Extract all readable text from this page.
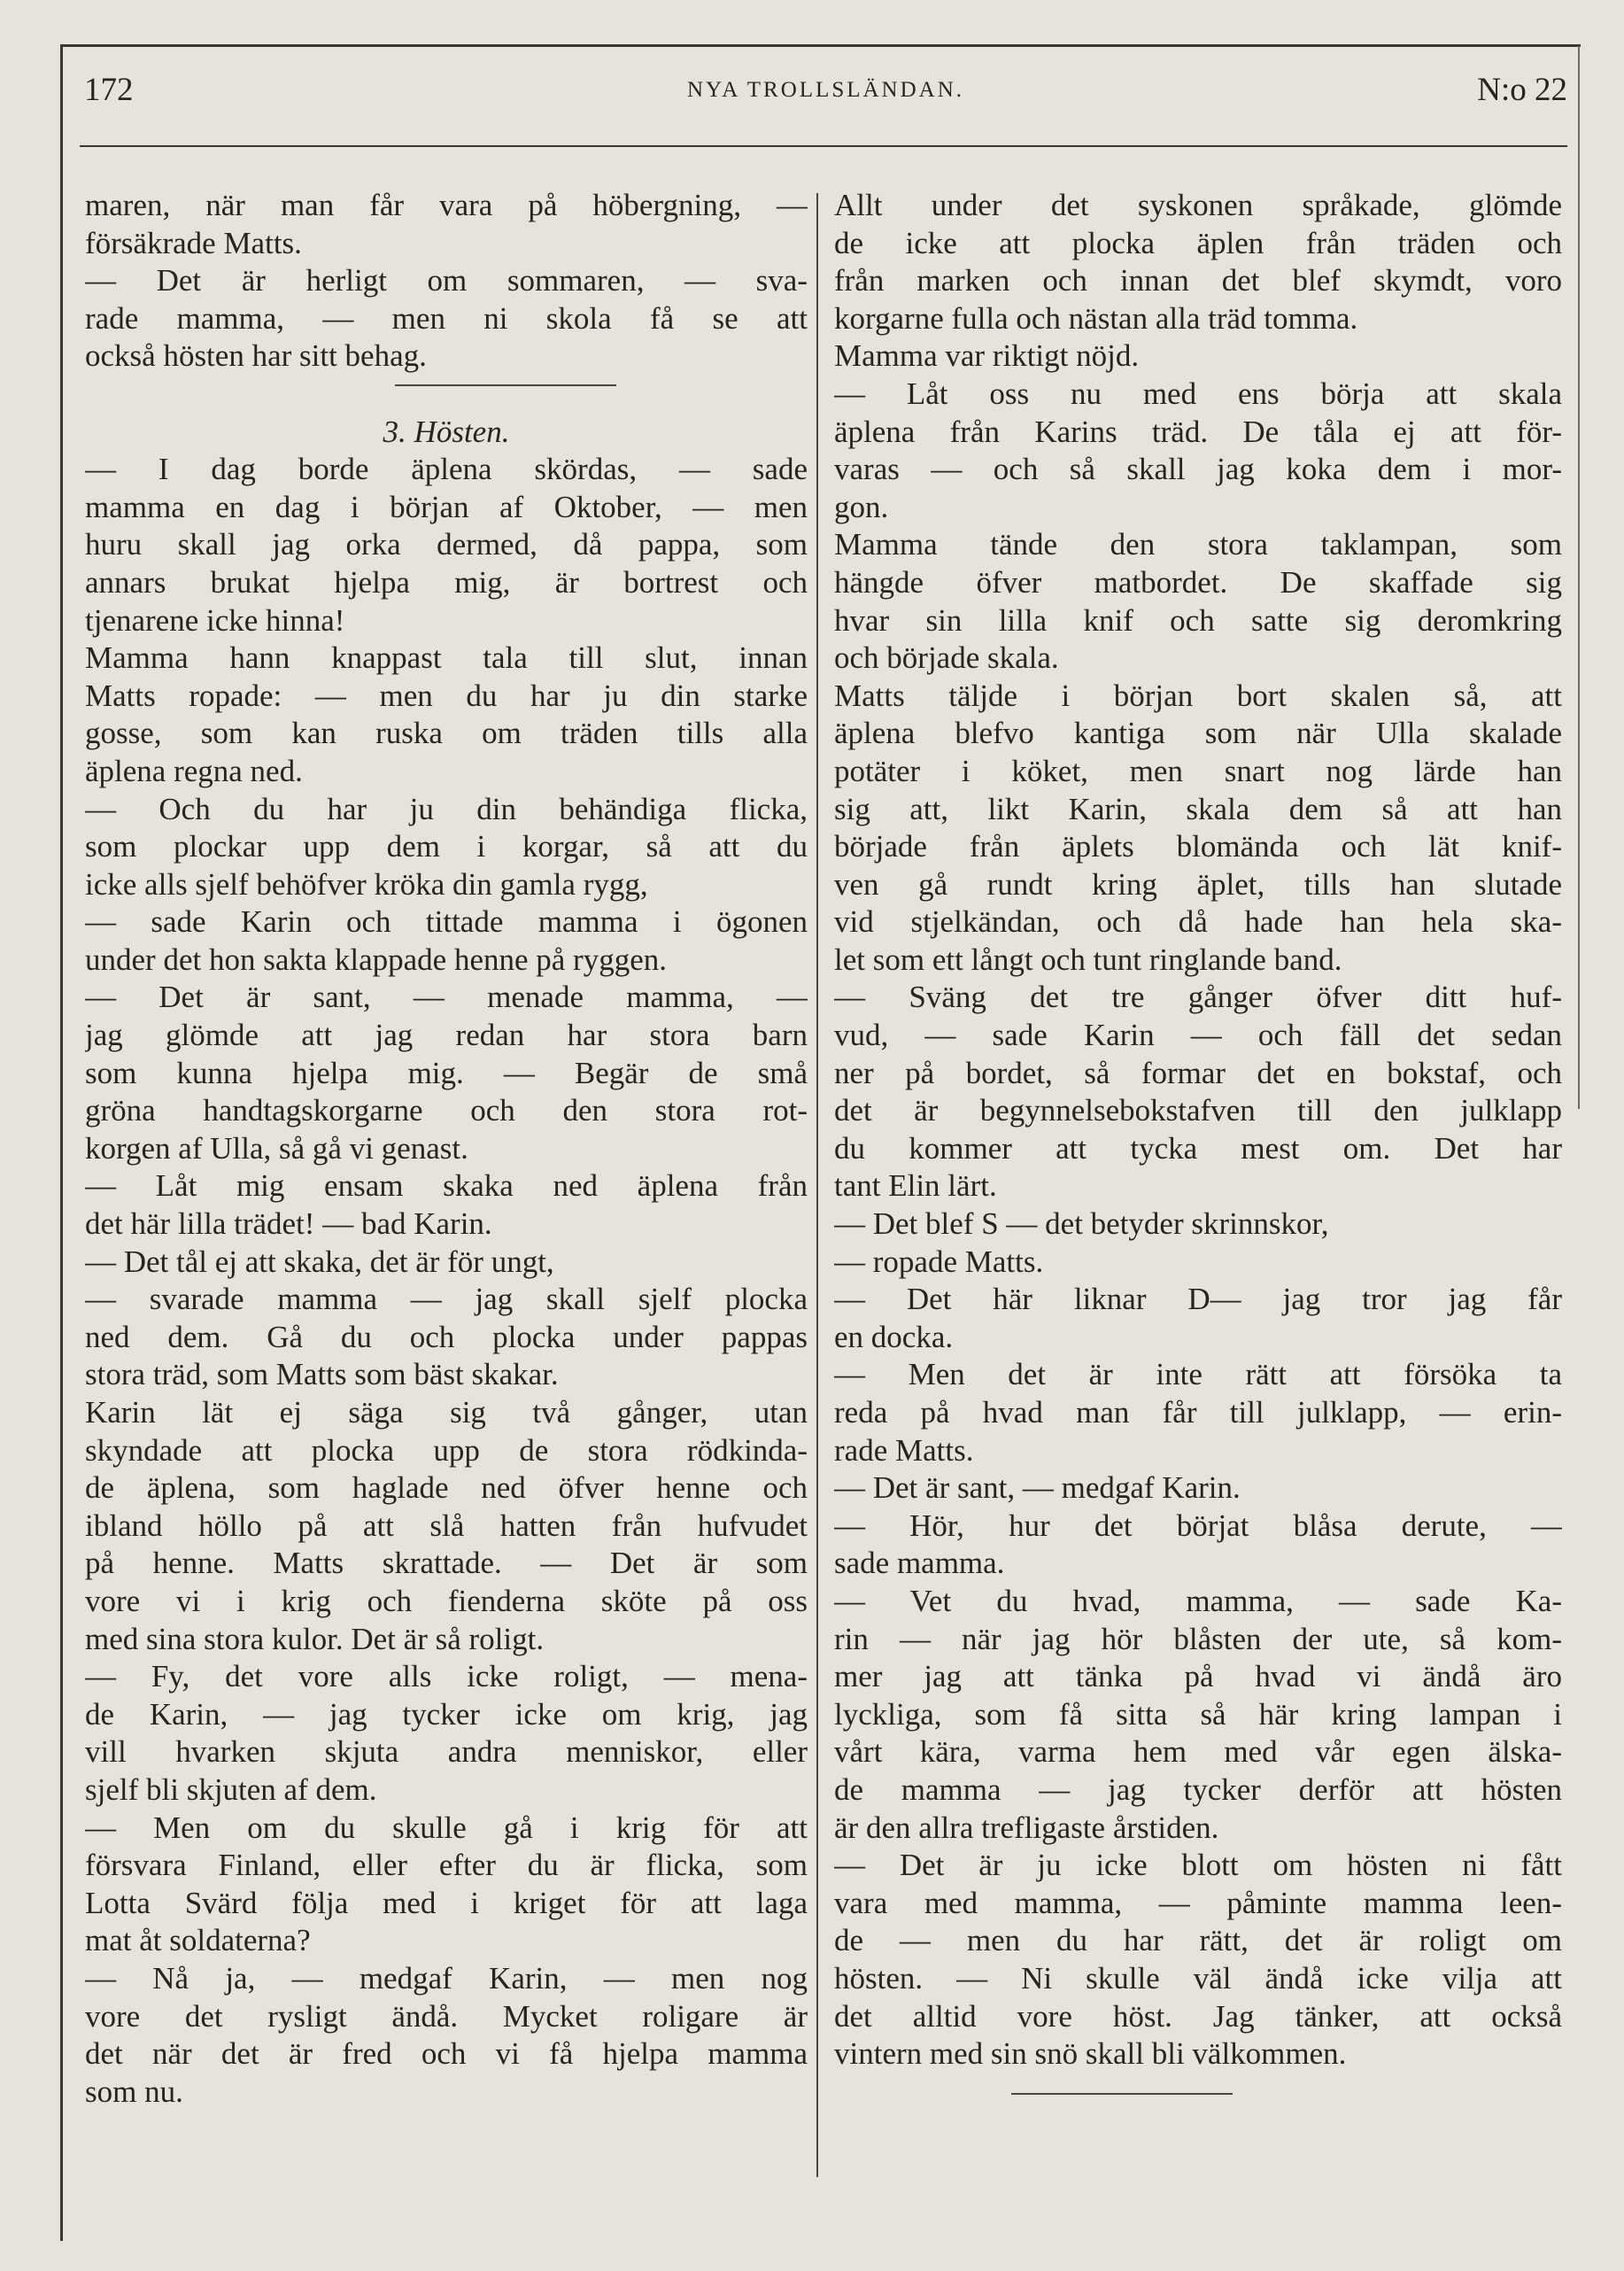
172	NYA TROLLSLÄNDAN.	N:o 22
maren, när man får vara på höbergning, —
försäkrade Matts.
— Det är herligt om sommaren, — sva-
rade mamma, — men ni skola få se att
också hösten har sitt behag.
3. Hösten.
— I dag borde äplena skördas, — sade
mamma en dag i början af Oktober, — men
huru skall jag orka dermed, då pappa, som
annars brukat hjelpa mig, är bortrest och
tjenarene icke hinna!
Mamma hann knappast tala till slut, innan
Matts ropade: — men du har ju din starke
gosse, som kan ruska om träden tills alla
äplena regna ned.
— Och du har ju din behändiga flicka,
som plockar upp dem i korgar, så att du
icke alls sjelf behöfver kröka din gamla rygg,
— sade Karin och tittade mamma i ögonen
under det hon sakta klappade henne på ryggen.
— Det är sant, — menade mamma, —
jag glömde att jag redan har stora barn
som kunna hjelpa mig. — Begär de små
gröna handtagskorgarne och den stora rot-
korgen af Ulla, så gå vi genast.
— Låt mig ensam skaka ned äplena från
det här lilla trädet! — bad Karin.
— Det tål ej att skaka, det är för ungt,
— svarade mamma — jag skall sjelf plocka
ned dem. Gå du och plocka under pappas
stora träd, som Matts som bäst skakar.
Karin lät ej säga sig två gånger, utan
skyndade att plocka upp de stora rödkinda-
de äplena, som haglade ned öfver henne och
ibland höllo på att slå hatten från hufvudet
på henne. Matts skrattade. — Det är som
vore vi i krig och fienderna sköte på oss
med sina stora kulor. Det är så roligt.
— Fy, det vore alls icke roligt, — mena-
de Karin, — jag tycker icke om krig, jag
vill hvarken skjuta andra menniskor, eller
sjelf bli skjuten af dem.
— Men om du skulle gå i krig för att
försvara Finland, eller efter du är flicka, som
Lotta Svärd följa med i kriget för att laga
mat åt soldaterna?
— Nå ja, — medgaf Karin, — men nog
vore det rysligt ändå. Mycket roligare är
det när det är fred och vi få hjelpa mamma
som nu.
Allt under det syskonen språkade, glömde
de icke att plocka äplen från träden och
från marken och innan det blef skymdt, voro
korgarne fulla och nästan alla träd tomma.
Mamma var riktigt nöjd.
— Låt oss nu med ens börja att skala
äplena från Karins träd. De tåla ej att för-
varas — och så skall jag koka dem i mor-
gon.
Mamma tände den stora taklampan, som
hängde öfver matbordet. De skaffade sig
hvar sin lilla knif och satte sig deromkring
och började skala.
Matts täljde i början bort skalen så, att
äplena blefvo kantiga som när Ulla skalade
potäter i köket, men snart nog lärde han
sig att, likt Karin, skala dem så att han
började från äplets blomända och lät knif-
ven gå rundt kring äplet, tills han slutade
vid stjelkändan, och då hade han hela ska-
let som ett långt och tunt ringlande band.
— Sväng det tre gånger öfver ditt huf-
vud, — sade Karin — och fäll det sedan
ner på bordet, så formar det en bokstaf, och
det är begynnelsebokstafven till den julklapp
du kommer att tycka mest om. Det har
tant Elin lärt.
— Det blef S — det betyder skrinnskor,
— ropade Matts.
— Det här liknar D— jag tror jag får
en docka.
— Men det är inte rätt att försöka ta
reda på hvad man får till julklapp, — erin-
rade Matts.
— Det är sant, — medgaf Karin.
— Hör, hur det börjat blåsa derute, —
sade mamma.
— Vet du hvad, mamma, — sade Ka-
rin — när jag hör blåsten der ute, så kom-
mer jag att tänka på hvad vi ändå äro
lyckliga, som få sitta så här kring lampan i
vårt kära, varma hem med vår egen älska-
de mamma — jag tycker derför att hösten
är den allra trefligaste årstiden.
— Det är ju icke blott om hösten ni fått
vara med mamma, — påminte mamma leen-
de — men du har rätt, det är roligt om
hösten. — Ni skulle väl ändå icke vilja att
det alltid vore höst. Jag tänker, att också
vintern med sin snö skall bli välkommen.
